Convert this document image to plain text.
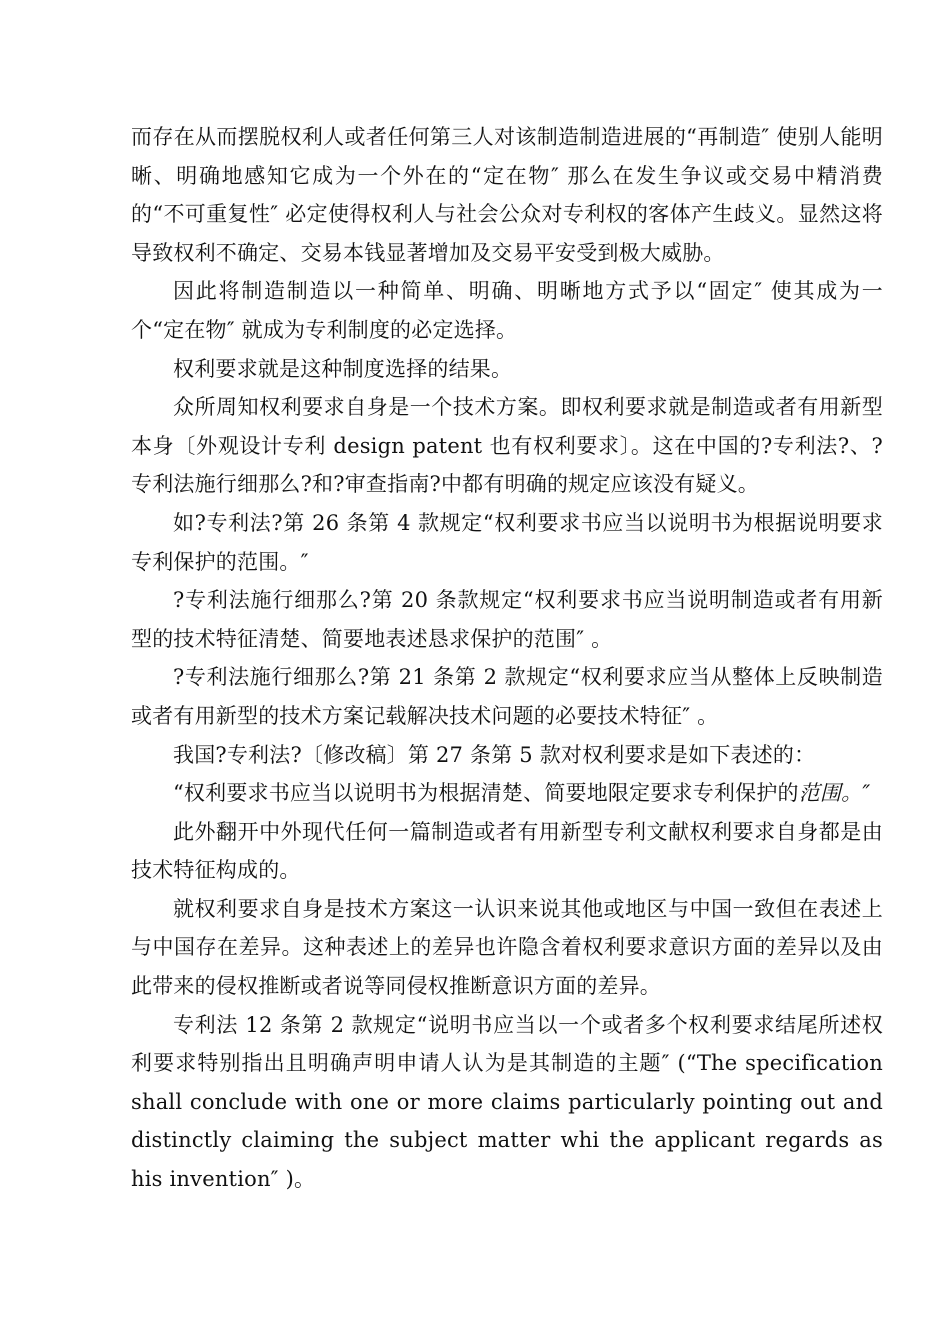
而存在从而摆脱权利人或者任何第三人对该制造制造进展的“再制造″ 使别人能明晰、明确地感知它成为一个外在的“定在物″ 那么在发生争议或交易中精消费的“不可重复性″ 必定使得权利人与社会公众对专利权的客体产生歧义。显然这将导致权利不确定、交易本钱显著增加及交易平安受到极大威胁。

因此将制造制造以一种简单、明确、明晰地方式予以“固定″ 使其成为一个“定在物″ 就成为专利制度的必定选择。

权利要求就是这种制度选择的结果。

众所周知权利要求自身是一个技术方案。即权利要求就是制造或者有用新型本身〔外观设计专利 design patent 也有权利要求〕。这在中国的?专利法?、?专利法施行细那么?和?审查指南?中都有明确的规定应该没有疑义。

如?专利法?第 26 条第 4 款规定“权利要求书应当以说明书为根据说明要求专利保护的范围。″

?专利法施行细那么?第 20 条款规定“权利要求书应当说明制造或者有用新型的技术特征清楚、简要地表述恳求保护的范围″ 。

?专利法施行细那么?第 21 条第 2 款规定“权利要求应当从整体上反映制造或者有用新型的技术方案记载解决技术问题的必要技术特征″ 。

我国?专利法?〔修改稿〕第 27 条第 5 款对权利要求是如下表述的：

“权利要求书应当以说明书为根据清楚、简要地限定要求专利保护的范围。″

此外翻开中外现代任何一篇制造或者有用新型专利文献权利要求自身都是由技术特征构成的。

就权利要求自身是技术方案这一认识来说其他或地区与中国一致但在表述上与中国存在差异。这种表述上的差异也许隐含着权利要求意识方面的差异以及由此带来的侵权推断或者说等同侵权推断意识方面的差异。

专利法 12 条第 2 款规定“说明书应当以一个或者多个权利要求结尾所述权利要求特别指出且明确声明申请人认为是其制造的主题″ (“The specification shall conclude with one or more claims particularly pointing out and distinctly claiming the subject matter whi the applicant regards as his invention″ )。
